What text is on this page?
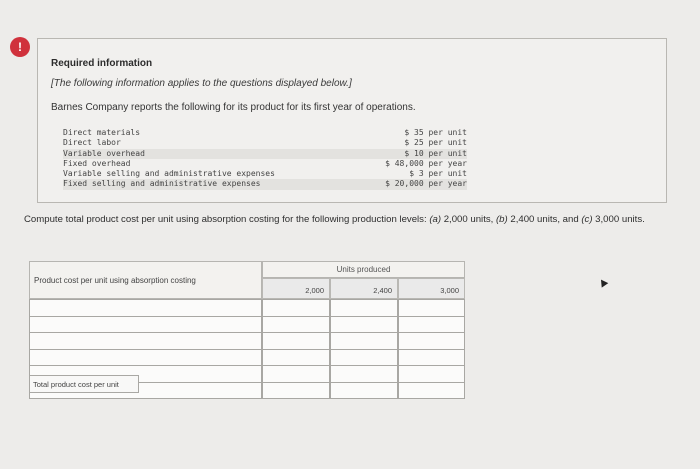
!
Required information
[The following information applies to the questions displayed below.]
Barnes Company reports the following for its product for its first year of operations.
Direct materials	$ 35 per unit
Direct labor	$ 25 per unit
Variable overhead	$ 10 per unit
Fixed overhead	$ 48,000 per year
Variable selling and administrative expenses	$ 3 per unit
Fixed selling and administrative expenses	$ 20,000 per year
Compute total product cost per unit using absorption costing for the following production levels: (a) 2,000 units, (b) 2,400 units, and (c) 3,000 units.
Product cost per unit using absorption costing
Units produced
2,000	2,400	3,000
Total product cost per unit
